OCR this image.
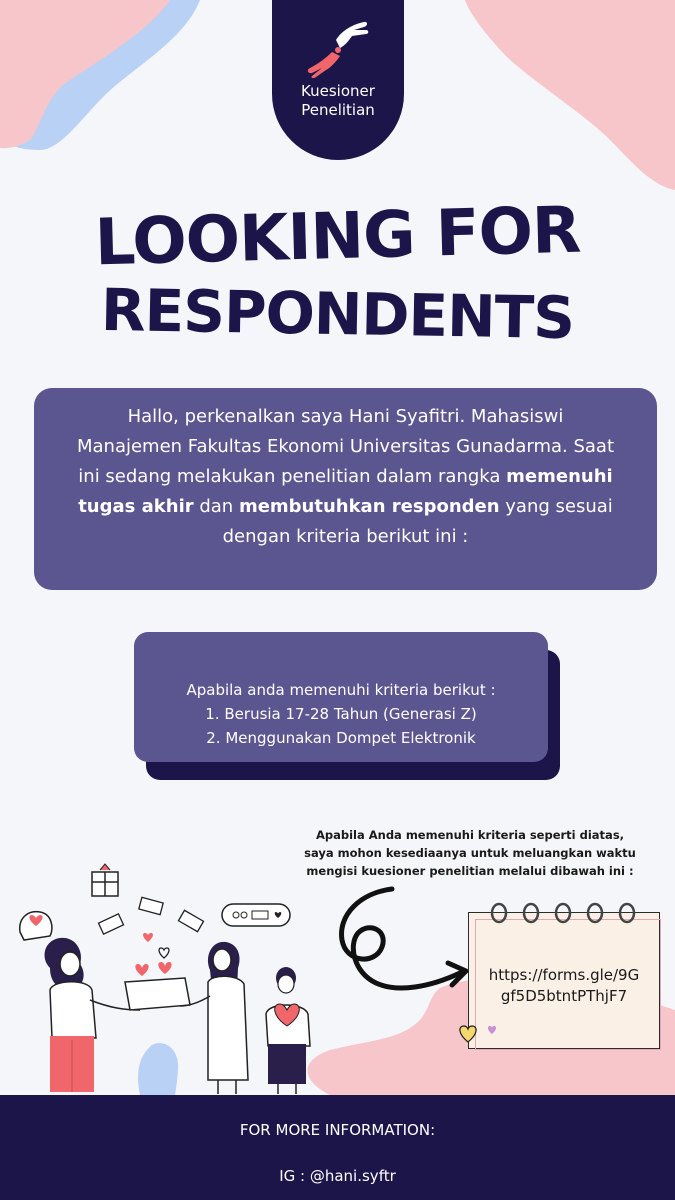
Kuesioner
Penelitian
LOOKING FOR
RESPONDENTS
Hallo, perkenalkan saya Hani Syafitri. Mahasiswi Manajemen Fakultas Ekonomi Universitas Gunadarma. Saat ini sedang melakukan penelitian dalam rangka memenuhi tugas akhir dan membutuhkan responden yang sesuai dengan kriteria berikut ini :
Apabila anda memenuhi kriteria berikut :
1. Berusia 17-28 Tahun (Generasi Z)
2. Menggunakan Dompet Elektronik
Apabila Anda memenuhi kriteria seperti diatas,
saya mohon kesediaanya untuk meluangkan waktu
mengisi kuesioner penelitian melalui dibawah ini :
https://forms.gle/9G
gf5D5btntPThjF7
FOR MORE INFORMATION:
IG : @hani.syftr
